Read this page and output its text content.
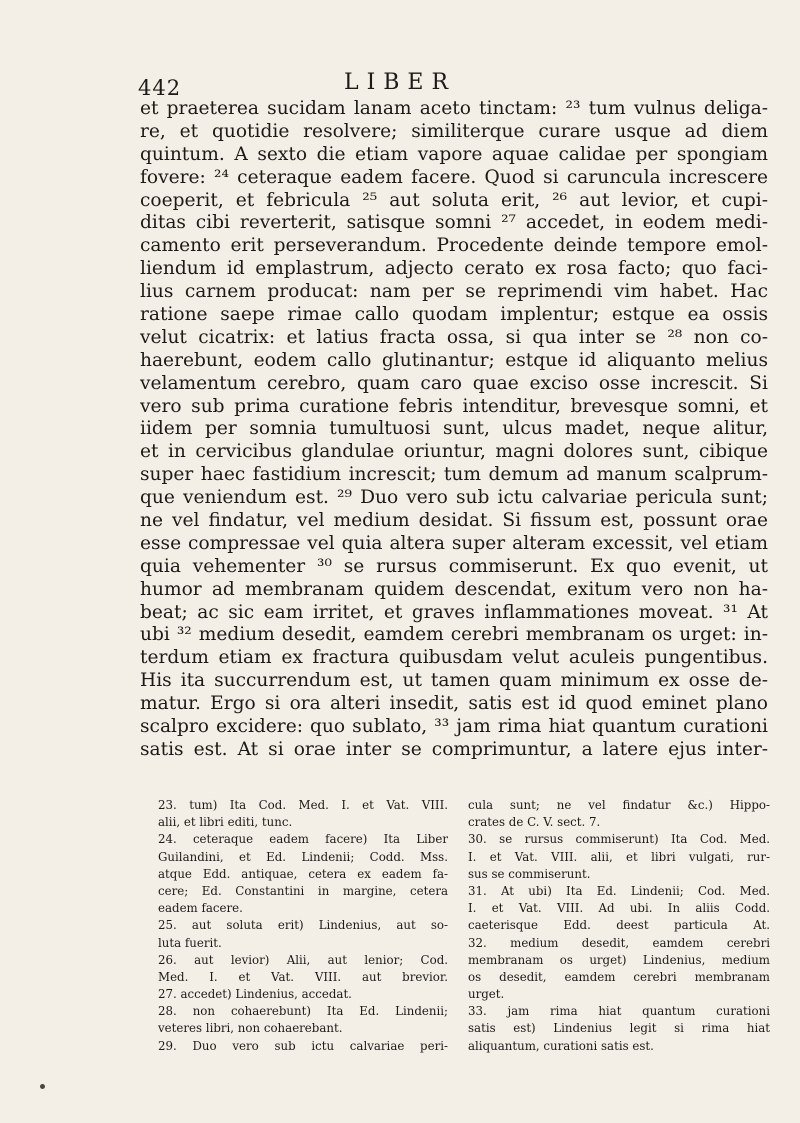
442	LIBER
et praeterea sucidam lanam aceto tinctam: ²³ tum vulnus deliga-
re, et quotidie resolvere; similiterque curare usque ad diem
quintum. A sexto die etiam vapore aquae calidae per spongiam
fovere: ²⁴ ceteraque eadem facere. Quod si caruncula increscere
coeperit, et febricula ²⁵ aut soluta erit, ²⁶ aut levior, et cupi-
ditas cibi reverterit, satisque somni ²⁷ accedet, in eodem medi-
camento erit perseverandum. Procedente deinde tempore emol-
liendum id emplastrum, adjecto cerato ex rosa facto; quo faci-
lius carnem producat: nam per se reprimendi vim habet. Hac
ratione saepe rimae callo quodam implentur; estque ea ossis
velut cicatrix: et latius fracta ossa, si qua inter se ²⁸ non co-
haerebunt, eodem callo glutinantur; estque id aliquanto melius
velamentum cerebro, quam caro quae exciso osse increscit. Si
vero sub prima curatione febris intenditur, brevesque somni, et
iidem per somnia tumultuosi sunt, ulcus madet, neque alitur,
et in cervicibus glandulae oriuntur, magni dolores sunt, cibique
super haec fastidium increscit; tum demum ad manum scalprum-
que veniendum est. ²⁹ Duo vero sub ictu calvariae pericula sunt;
ne vel findatur, vel medium desidat. Si fissum est, possunt orae
esse compressae vel quia altera super alteram excessit, vel etiam
quia vehementer ³⁰ se rursus commiserunt. Ex quo evenit, ut
humor ad membranam quidem descendat, exitum vero non ha-
beat; ac sic eam irritet, et graves inflammationes moveat. ³¹ At
ubi ³² medium desedit, eamdem cerebri membranam os urget: in-
terdum etiam ex fractura quibusdam velut aculeis pungentibus.
His ita succurrendum est, ut tamen quam minimum ex osse de-
matur. Ergo si ora alteri insedit, satis est id quod eminet plano
scalpro excidere: quo sublato, ³³ jam rima hiat quantum curationi
satis est. At si orae inter se comprimuntur, a latere ejus inter-
23. tum) Ita Cod. Med. I. et Vat. VIII.
alii, et libri editi, tunc.
24. ceteraque eadem facere) Ita Liber
Guilandini, et Ed. Lindenii; Codd. Mss.
atque Edd. antiquae, cetera ex eadem fa-
cere; Ed. Constantini in margine, cetera
eadem facere.
25. aut soluta erit) Lindenius, aut so-
luta fuerit.
26. aut levior) Alii, aut lenior; Cod.
Med. I. et Vat. VIII. aut brevior.
27. accedet) Lindenius, accedat.
28. non cohaerebunt) Ita Ed. Lindenii;
veteres libri, non cohaerebant.
29. Duo vero sub ictu calvariae peri-
cula sunt; ne vel findatur &c.) Hippo-
crates de C. V. sect. 7.
30. se rursus commiserunt) Ita Cod. Med.
I. et Vat. VIII. alii, et libri vulgati, rur-
sus se commiserunt.
31. At ubi) Ita Ed. Lindenii; Cod. Med.
I. et Vat. VIII. Ad ubi. In aliis Codd.
caeterisque Edd. deest particula At.
32. medium desedit, eamdem cerebri
membranam os urget) Lindenius, medium
os desedit, eamdem cerebri membranam
urget.
33. jam rima hiat quantum curationi
satis est) Lindenius legit si rima hiat
aliquantum, curationi satis est.
